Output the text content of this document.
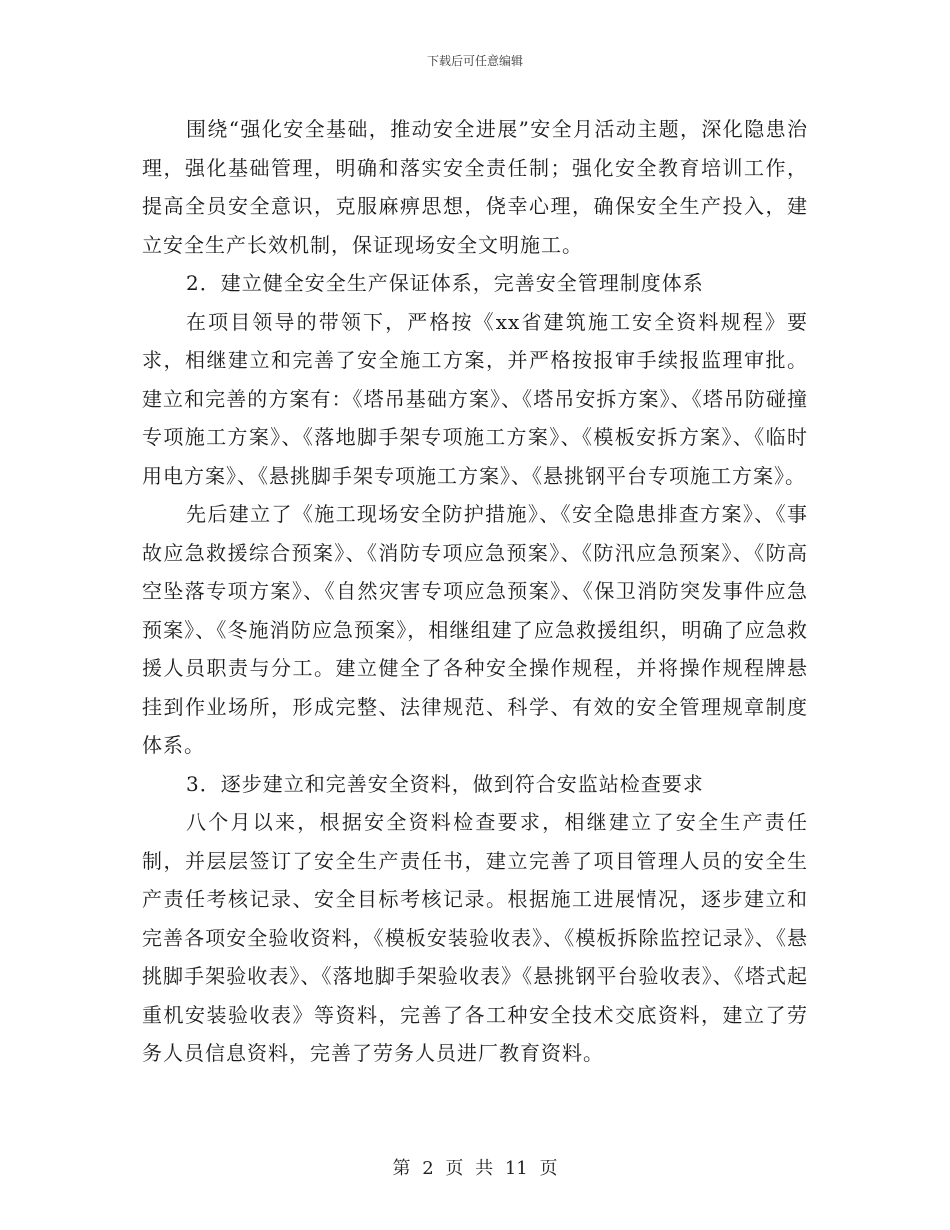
下载后可任意编辑

围绕“强化安全基础，推动安全进展”安全月活动主题，深化隐患治理，强化基础管理，明确和落实安全责任制；强化安全教育培训工作，提高全员安全意识，克服麻痹思想，侥幸心理，确保安全生产投入，建立安全生产长效机制，保证现场安全文明施工。

2．建立健全安全生产保证体系，完善安全管理制度体系

在项目领导的带领下，严格按《xx省建筑施工安全资料规程》要求，相继建立和完善了安全施工方案，并严格按报审手续报监理审批。建立和完善的方案有：《塔吊基础方案》、《塔吊安拆方案》、《塔吊防碰撞专项施工方案》、《落地脚手架专项施工方案》、《模板安拆方案》、《临时用电方案》、《悬挑脚手架专项施工方案》、《悬挑钢平台专项施工方案》。

先后建立了《施工现场安全防护措施》、《安全隐患排查方案》、《事故应急救援综合预案》、《消防专项应急预案》、《防汛应急预案》、《防高空坠落专项方案》、《自然灾害专项应急预案》、《保卫消防突发事件应急预案》、《冬施消防应急预案》，相继组建了应急救援组织，明确了应急救援人员职责与分工。建立健全了各种安全操作规程，并将操作规程牌悬挂到作业场所，形成完整、法律规范、科学、有效的安全管理规章制度体系。

3．逐步建立和完善安全资料，做到符合安监站检查要求

八个月以来，根据安全资料检查要求，相继建立了安全生产责任制，并层层签订了安全生产责任书，建立完善了项目管理人员的安全生产责任考核记录、安全目标考核记录。根据施工进展情况，逐步建立和完善各项安全验收资料，《模板安装验收表》、《模板拆除监控记录》、《悬挑脚手架验收表》、《落地脚手架验收表》《悬挑钢平台验收表》、《塔式起重机安装验收表》等资料，完善了各工种安全技术交底资料，建立了劳务人员信息资料，完善了劳务人员进厂教育资料。

第 2 页 共 11 页
